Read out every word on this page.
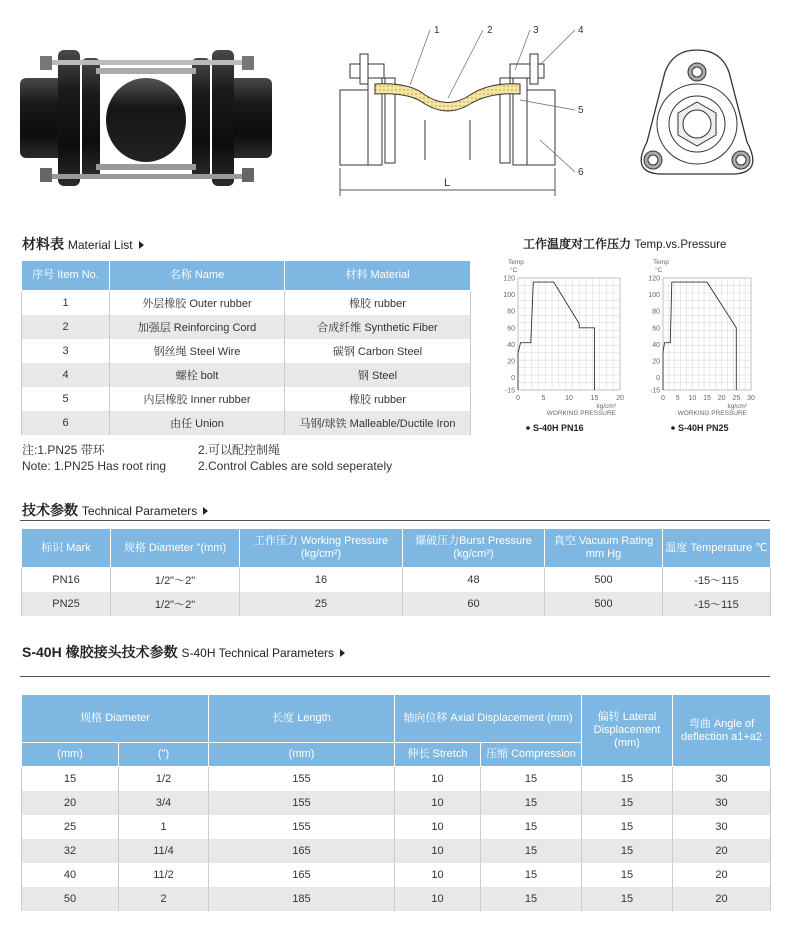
L
1	2	3	4
5
6
材料表 Material List
序号 Item No.	名称 Name	材料 Material
1	外层橡胶 Outer rubber	橡胶 rubber
2	加强层 Reinforcing Cord	合成纤维 Synthetic Fiber
3	钢丝绳 Steel Wire	碳钢 Carbon Steel
4	螺栓 bolt	钢 Steel
5	内层橡胶 Inner rubber	橡胶 rubber
6	由任 Union	马钢/球铁 Malleable/Ductile Iron
注:1.PN25 带环	2.可以配控制绳
Note: 1.PN25 Has root ring	2.Control Cables are sold seperately
工作温度对工作压力 Temp.vs.Pressure
-15
0
20
40
60
80
100
120
0	5	10	15	20
Temp
°C
kg/cm²
WORKING PRESSURE
S-40H PN16
-15
0
20
40
60
80
100
120
0 5 10 15 20 25 30
Temp
°C
kg/cm²
WORKING PRESSURE
S-40H PN25
技术参数 Technical Parameters
标识 Mark	规格 Diameter "(mm)	工作压力 Working Pressure (kg/cm²)	爆破压力Burst Pressure (kg/cm²)	真空 Vacuum Rating mm Hg	温度 Temperature ℃
PN16	1/2"～2"	16	48	500	-15～115
PN25	1/2"～2"	25	60	500	-15～115
S-40H 橡胶接头技术参数 S-40H Technical Parameters
规格 Diameter		长度 Length	轴向位移 Axial Displacement (mm)		偏转 Lateral Displacement (mm)	弯曲 Angle of deflection a1+a2
(mm)	(")	(mm)	伸长 Stretch	压缩 Compression		
15	1/2	155	10	15	15	30
20	3/4	155	10	15	15	30
25	1	155	10	15	15	30
32	11/4	165	10	15	15	20
40	11/2	165	10	15	15	20
50	2	185	10	15	15	20
